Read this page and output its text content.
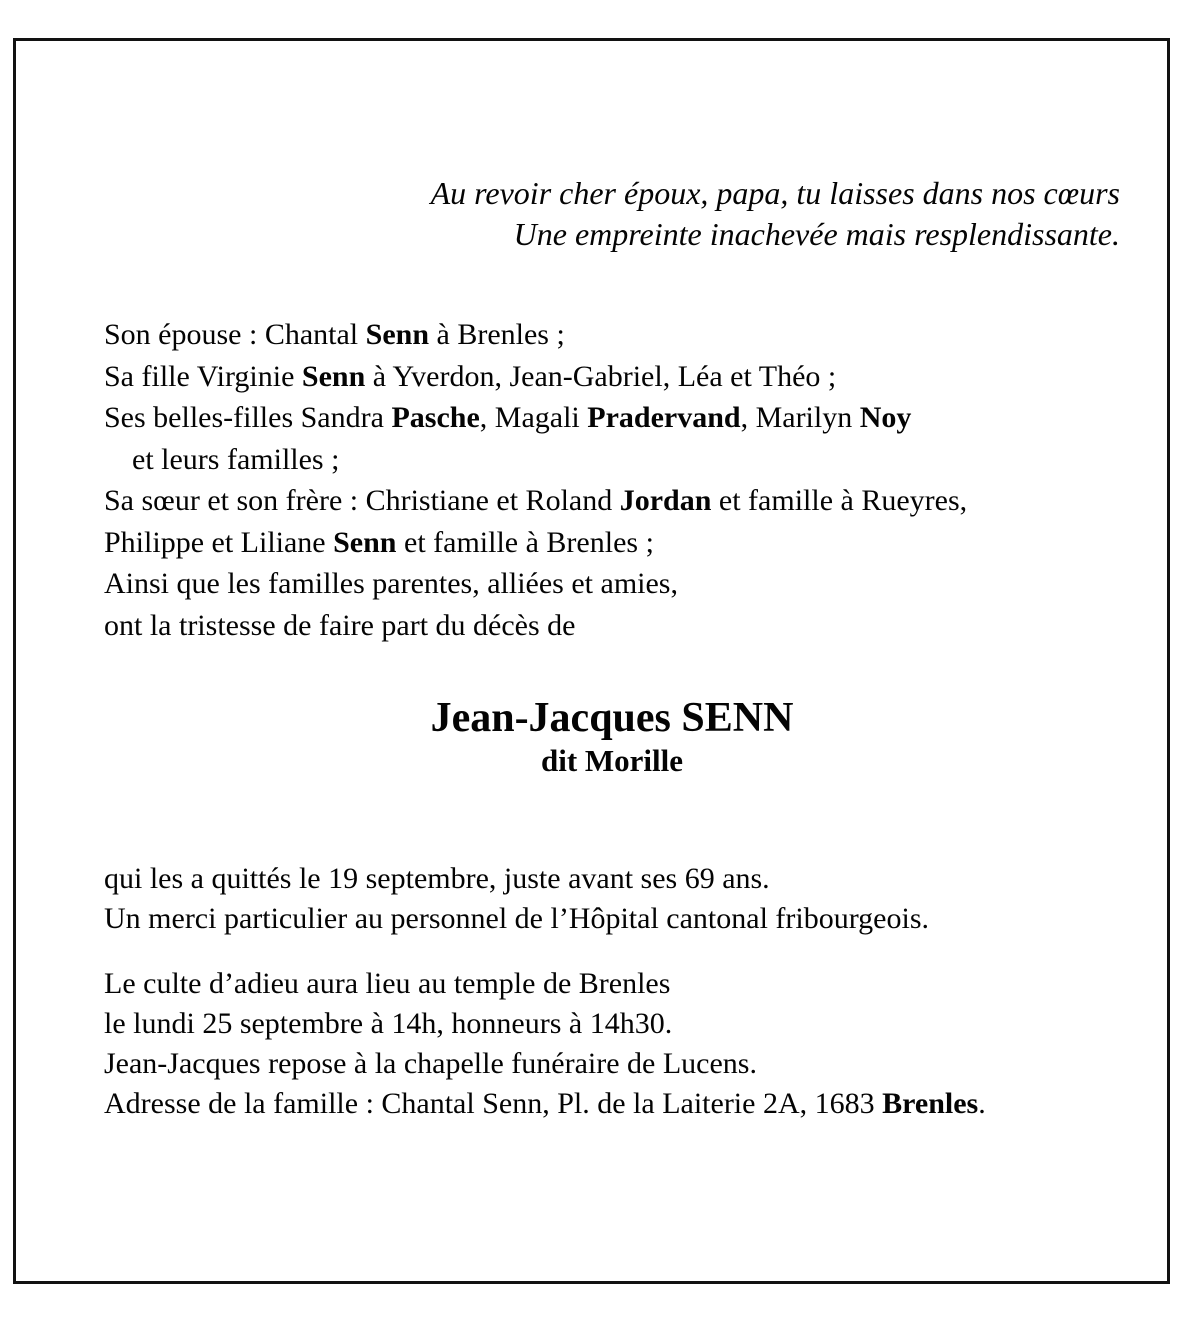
Au revoir cher époux, papa, tu laisses dans nos cœurs
Une empreinte inachevée mais resplendissante.
Son épouse : Chantal Senn à Brenles ;
Sa fille Virginie Senn à Yverdon, Jean-Gabriel, Léa et Théo ;
Ses belles-filles Sandra Pasche, Magali Pradervand, Marilyn Noy
et leurs familles ;
Sa sœur et son frère : Christiane et Roland Jordan et famille à Rueyres,
Philippe et Liliane Senn et famille à Brenles ;
Ainsi que les familles parentes, alliées et amies,
ont la tristesse de faire part du décès de
Jean-Jacques SENN
dit Morille
qui les a quittés le 19 septembre, juste avant ses 69 ans.
Un merci particulier au personnel de l’Hôpital cantonal fribourgeois.
Le culte d’adieu aura lieu au temple de Brenles
le lundi 25 septembre à 14h, honneurs à 14h30.
Jean-Jacques repose à la chapelle funéraire de Lucens.
Adresse de la famille : Chantal Senn, Pl. de la Laiterie 2A, 1683 Brenles.
